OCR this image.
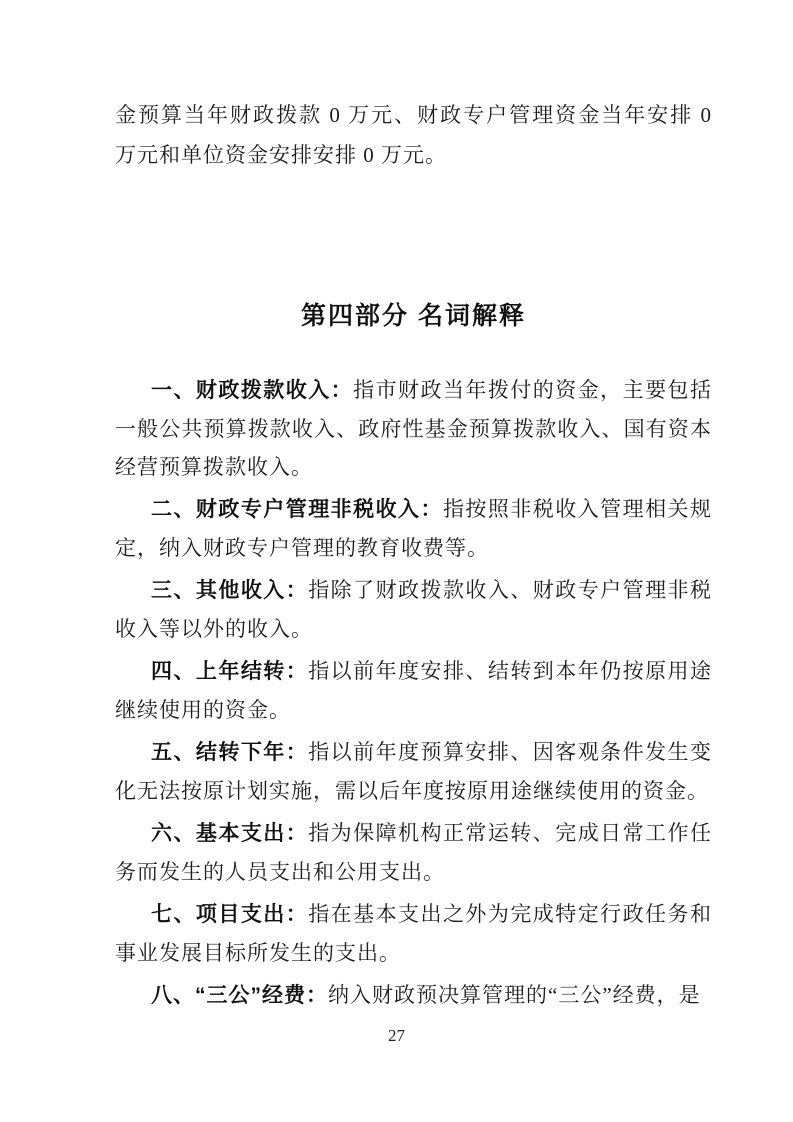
金预算当年财政拨款 0 万元、财政专户管理资金当年安排 0 万元和单位资金安排安排 0 万元。

第四部分 名词解释

一、财政拨款收入：指市财政当年拨付的资金，主要包括一般公共预算拨款收入、政府性基金预算拨款收入、国有资本经营预算拨款收入。

二、财政专户管理非税收入：指按照非税收入管理相关规定，纳入财政专户管理的教育收费等。

三、其他收入：指除了财政拨款收入、财政专户管理非税收入等以外的收入。

四、上年结转：指以前年度安排、结转到本年仍按原用途继续使用的资金。

五、结转下年：指以前年度预算安排、因客观条件发生变化无法按原计划实施，需以后年度按原用途继续使用的资金。

六、基本支出：指为保障机构正常运转、完成日常工作任务而发生的人员支出和公用支出。

七、项目支出：指在基本支出之外为完成特定行政任务和事业发展目标所发生的支出。

八、“三公”经费：纳入财政预决算管理的“三公”经费，是

27
